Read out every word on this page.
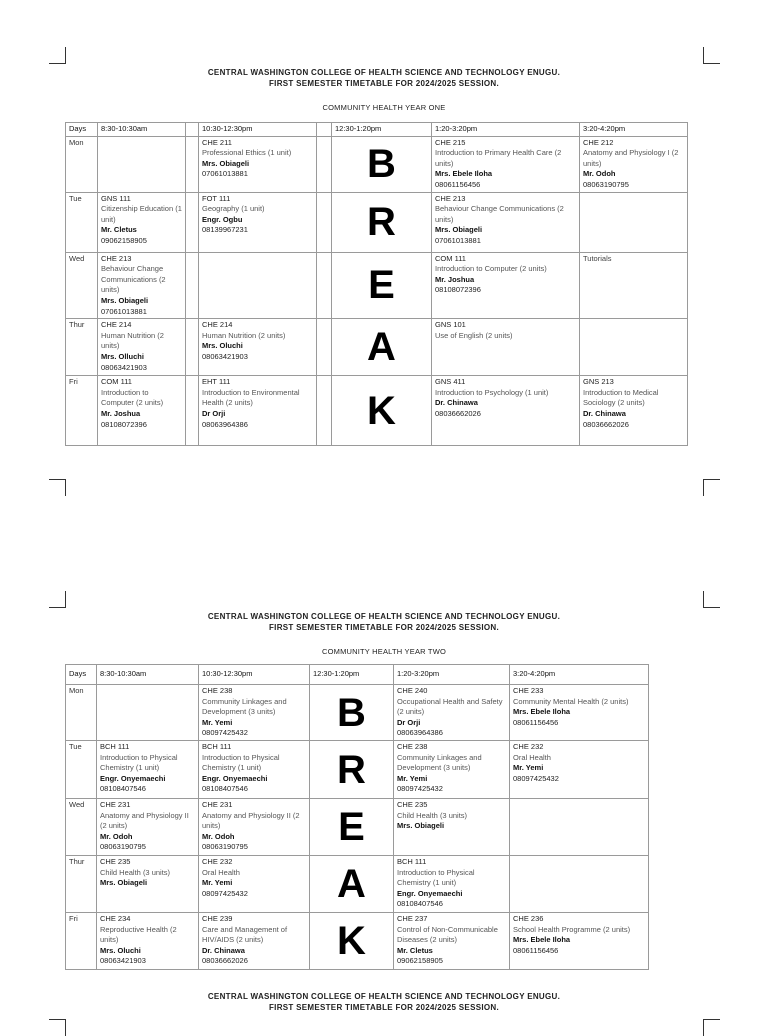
CENTRAL WASHINGTON COLLEGE OF HEALTH SCIENCE AND TECHNOLOGY ENUGU.
FIRST SEMESTER TIMETABLE FOR 2024/2025 SESSION.
COMMUNITY HEALTH YEAR ONE
Days	8:30-10:30am		10:30-12:30pm		12:30-1:20pm	1:20-3:20pm	3:20-4:20pm
Mon			CHE 211
Professional Ethics (1 unit)
Mrs. Obiageli
07061013881		B	CHE 215
Introduction to Primary Health Care (2 units)
Mrs. Ebele Iloha
08061156456	CHE 212
Anatomy and Physiology I (2 units)
Mr. Odoh
08063190795

Tue	GNS 111
Citizenship Education (1 unit)
Mr. Cletus
09062158905		FOT 111
Geography (1 unit)
Engr. Ogbu
08139967231		R	CHE 213
Behaviour Change Communications (2 units)
Mrs. Obiageli
07061013881	

Wed	CHE 213
Behaviour Change Communications (2 units)
Mrs. Obiageli
07061013881				E	COM 111
Introduction to Computer (2 units)
Mr. Joshua
08108072396	Tutorials

Thur	CHE 214
Human Nutrition (2 units)
Mrs. Olluchi
08063421903		CHE 214
Human Nutrition (2 units)
Mrs. Oluchi
08063421903		A	GNS 101
Use of English (2 units)	

Fri	COM 111
Introduction to Computer (2 units)
Mr. Joshua
08108072396		EHT 111
Introduction to Environmental Health (2 units)
Dr Orji
08063964386		K	GNS 411
Introduction to Psychology (1 unit)
Dr. Chinawa
08036662026	GNS 213
Introduction to Medical Sociology (2 units)
Dr. Chinawa
08036662026
CENTRAL WASHINGTON COLLEGE OF HEALTH SCIENCE AND TECHNOLOGY ENUGU.
FIRST SEMESTER TIMETABLE FOR 2024/2025 SESSION.
COMMUNITY HEALTH YEAR TWO
Days	8:30-10:30am	10:30-12:30pm	12:30-1:20pm	1:20-3:20pm	3:20-4:20pm
Mon		CHE 238
Community Linkages and Development (3 units)
Mr. Yemi
08097425432	B	CHE 240
Occupational Health and Safety (2 units)
Dr Orji
08063964386	CHE 233
Community Mental Health (2 units)
Mrs. Ebele Iloha
08061156456

Tue	BCH 111
Introduction to Physical Chemistry (1 unit)
Engr. Onyemaechi
08108407546	BCH 111
Introduction to Physical Chemistry (1 unit)
Engr. Onyemaechi
08108407546	R	CHE 238
Community Linkages and Development (3 units)
Mr. Yemi
08097425432	CHE 232
Oral Health
Mr. Yemi
08097425432

Wed	CHE 231
Anatomy and Physiology II (2 units)
Mr. Odoh
08063190795	CHE 231
Anatomy and Physiology II (2 units)
Mr. Odoh
08063190795	E	CHE 235
Child Health (3 units)
Mrs. Obiageli	

Thur	CHE 235
Child Health (3 units)
Mrs. Obiageli	CHE 232
Oral Health
Mr. Yemi
08097425432	A	BCH 111
Introduction to Physical Chemistry (1 unit)
Engr. Onyemaechi
08108407546	

Fri	CHE 234
Reproductive Health (2 units)
Mrs. Oluchi
08063421903	CHE 239
Care and Management of HIV/AIDS (2 units)
Dr. Chinawa
08036662026	K	CHE 237
Control of Non-Communicable Diseases (2 units)
Mr. Cletus
09062158905	CHE 236
School Health Programme (2 units)
Mrs. Ebele Iloha
08061156456
CENTRAL WASHINGTON COLLEGE OF HEALTH SCIENCE AND TECHNOLOGY ENUGU.
FIRST SEMESTER TIMETABLE FOR 2024/2025 SESSION.
